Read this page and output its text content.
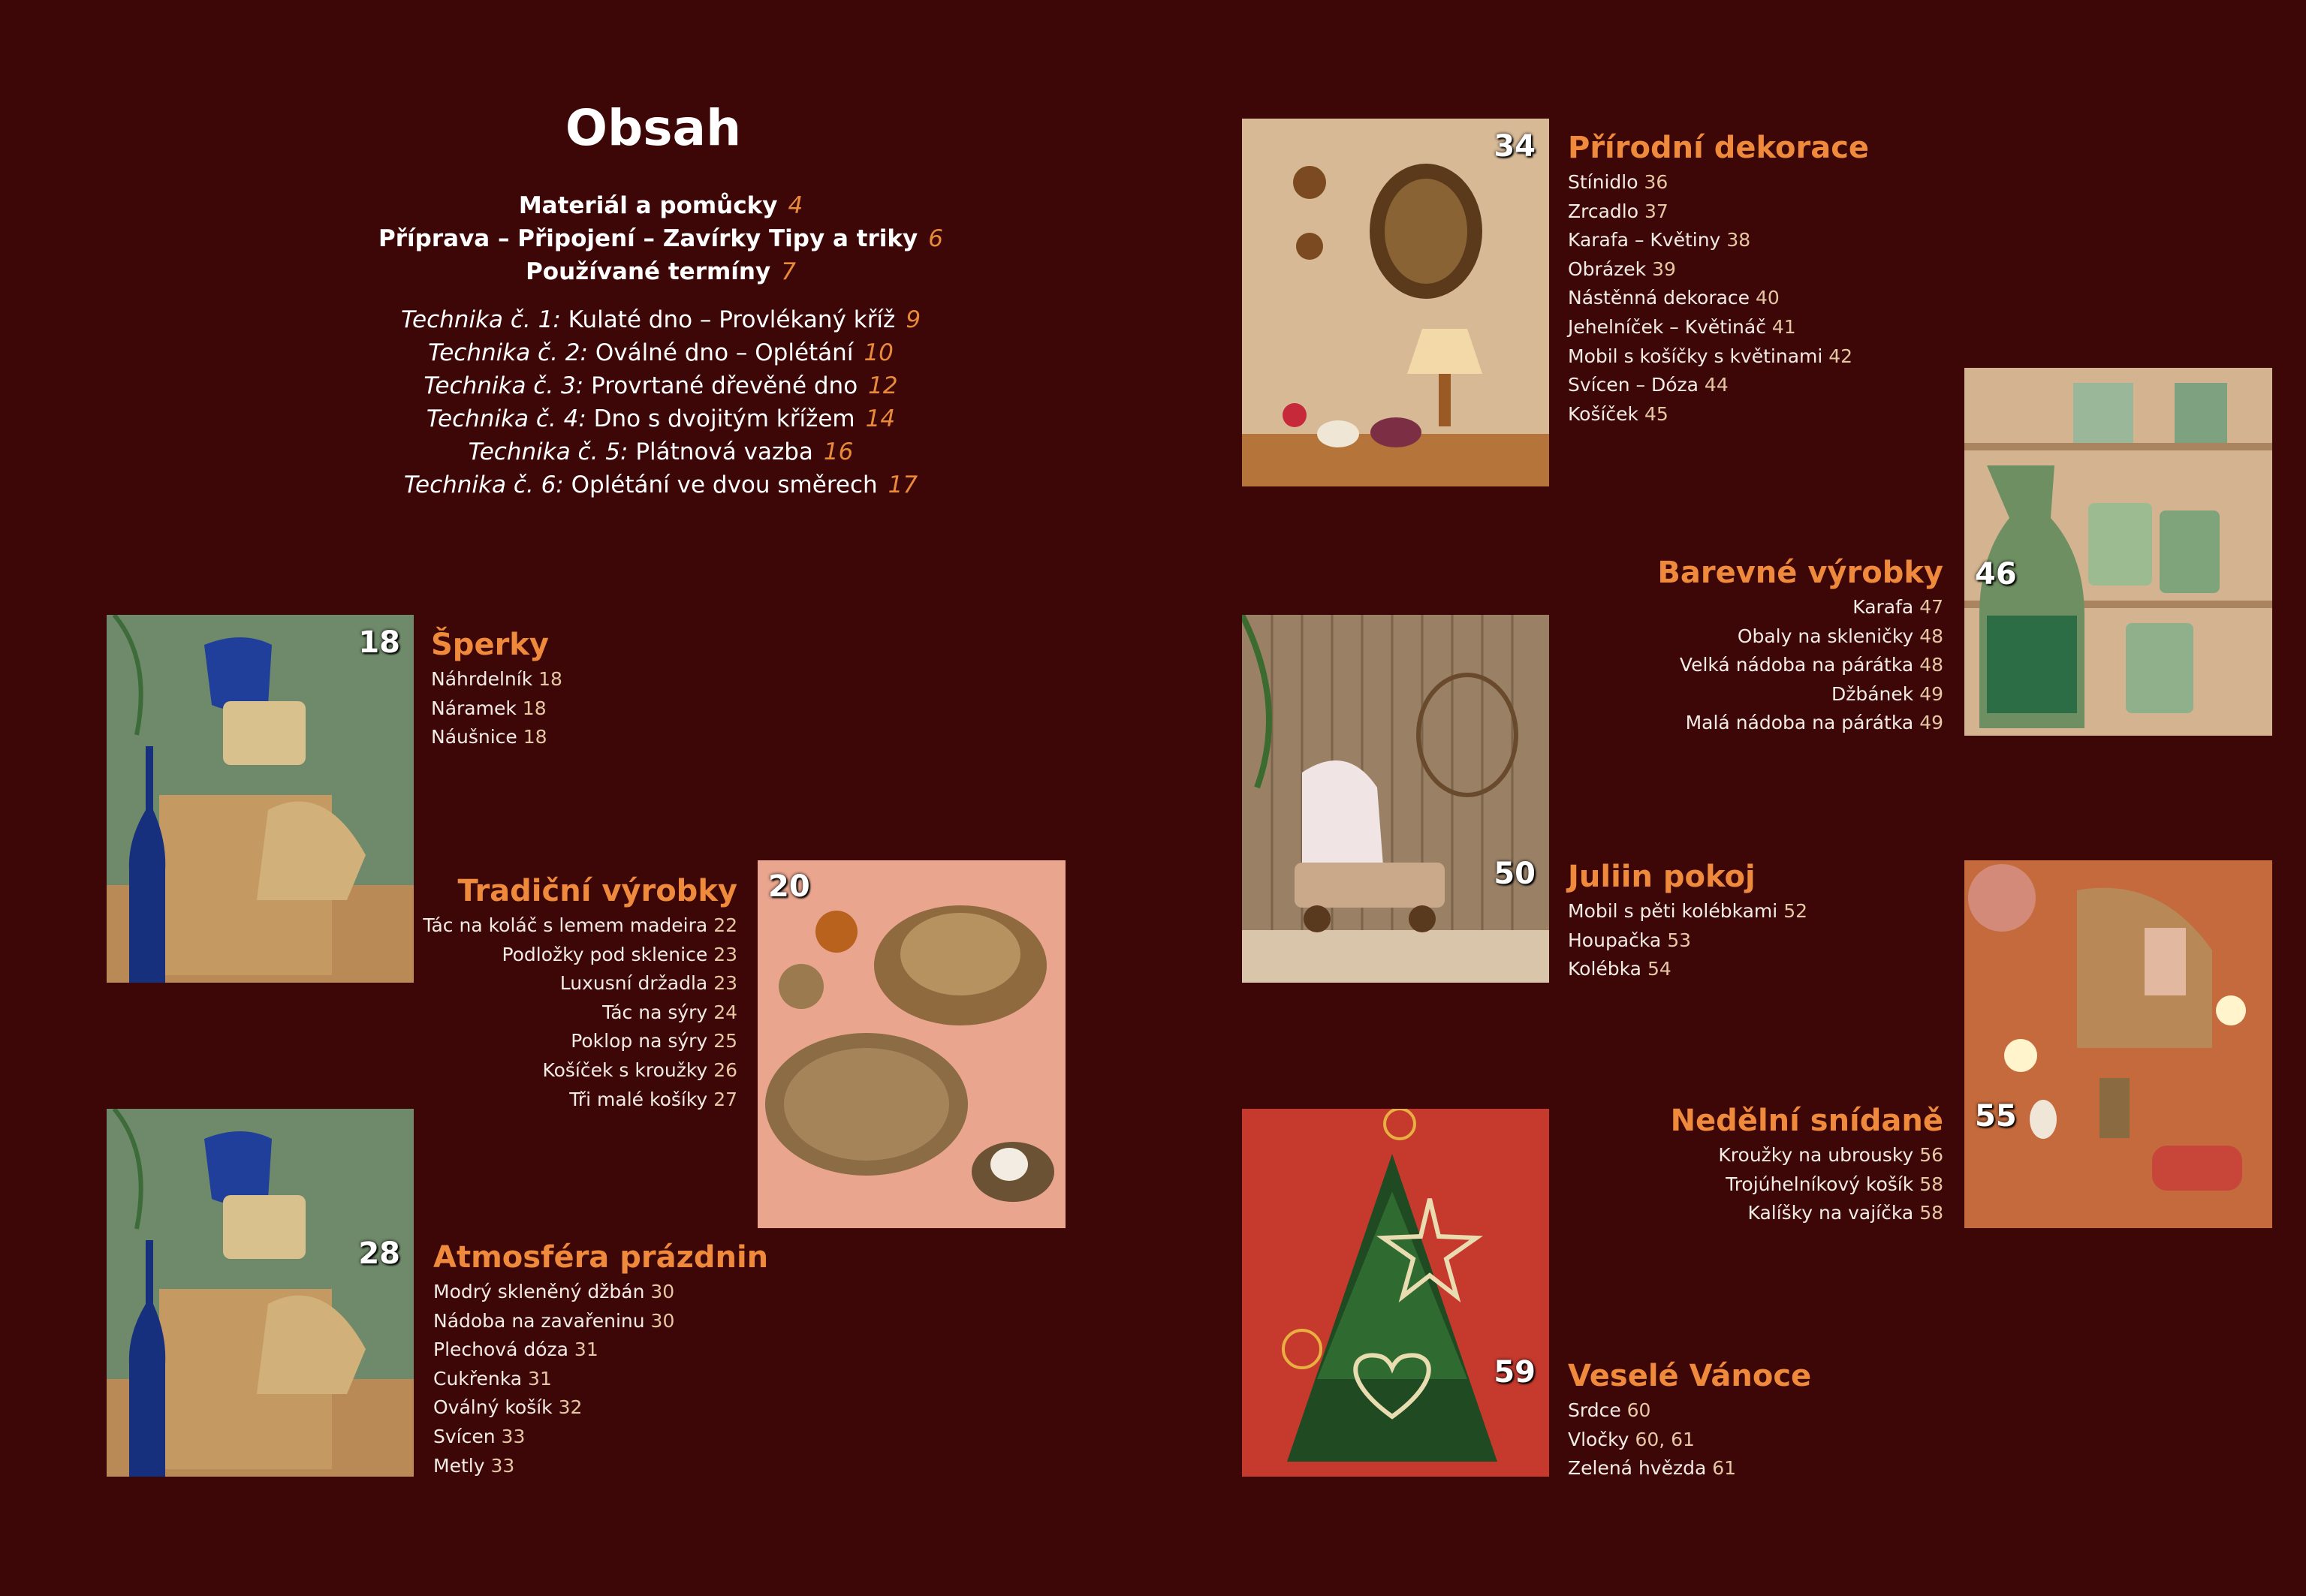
Obsah
Materiál a pomůcky 4
Příprava – Připojení – Zavírky Tipy a triky 6
Používané termíny 7
Technika č. 1: Kulaté dno – Provlékaný kříž 9
Technika č. 2: Oválné dno – Oplétání 10
Technika č. 3: Provrtané dřevěné dno 12
Technika č. 4: Dno s dvojitým křížem 14
Technika č. 5: Plátnová vazba 16
Technika č. 6: Oplétání ve dvou směrech 17
18
20
28
34
46
50
55
59
Šperky
Náhrdelník 18
Náramek 18
Náušnice 18
Tradiční výrobky
Tác na koláč s lemem madeira 22
Podložky pod sklenice 23
Luxusní držadla 23
Tác na sýry 24
Poklop na sýry 25
Košíček s kroužky 26
Tři malé košíky 27
Atmosféra prázdnin
Modrý skleněný džbán 30
Nádoba na zavařeninu 30
Plechová dóza 31
Cukřenka 31
Oválný košík 32
Svícen 33
Metly 33
Přírodní dekorace
Stínidlo 36
Zrcadlo 37
Karafa – Květiny 38
Obrázek 39
Nástěnná dekorace 40
Jehelníček – Květináč 41
Mobil s košíčky s květinami 42
Svícen – Dóza 44
Košíček 45
Barevné výrobky
Karafa 47
Obaly na skleničky 48
Velká nádoba na párátka 48
Džbánek 49
Malá nádoba na párátka 49
Juliin pokoj
Mobil s pěti kolébkami 52
Houpačka 53
Kolébka 54
Nedělní snídaně
Kroužky na ubrousky 56
Trojúhelníkový košík 58
Kalíšky na vajíčka 58
Veselé Vánoce
Srdce 60
Vločky 60, 61
Zelená hvězda 61
